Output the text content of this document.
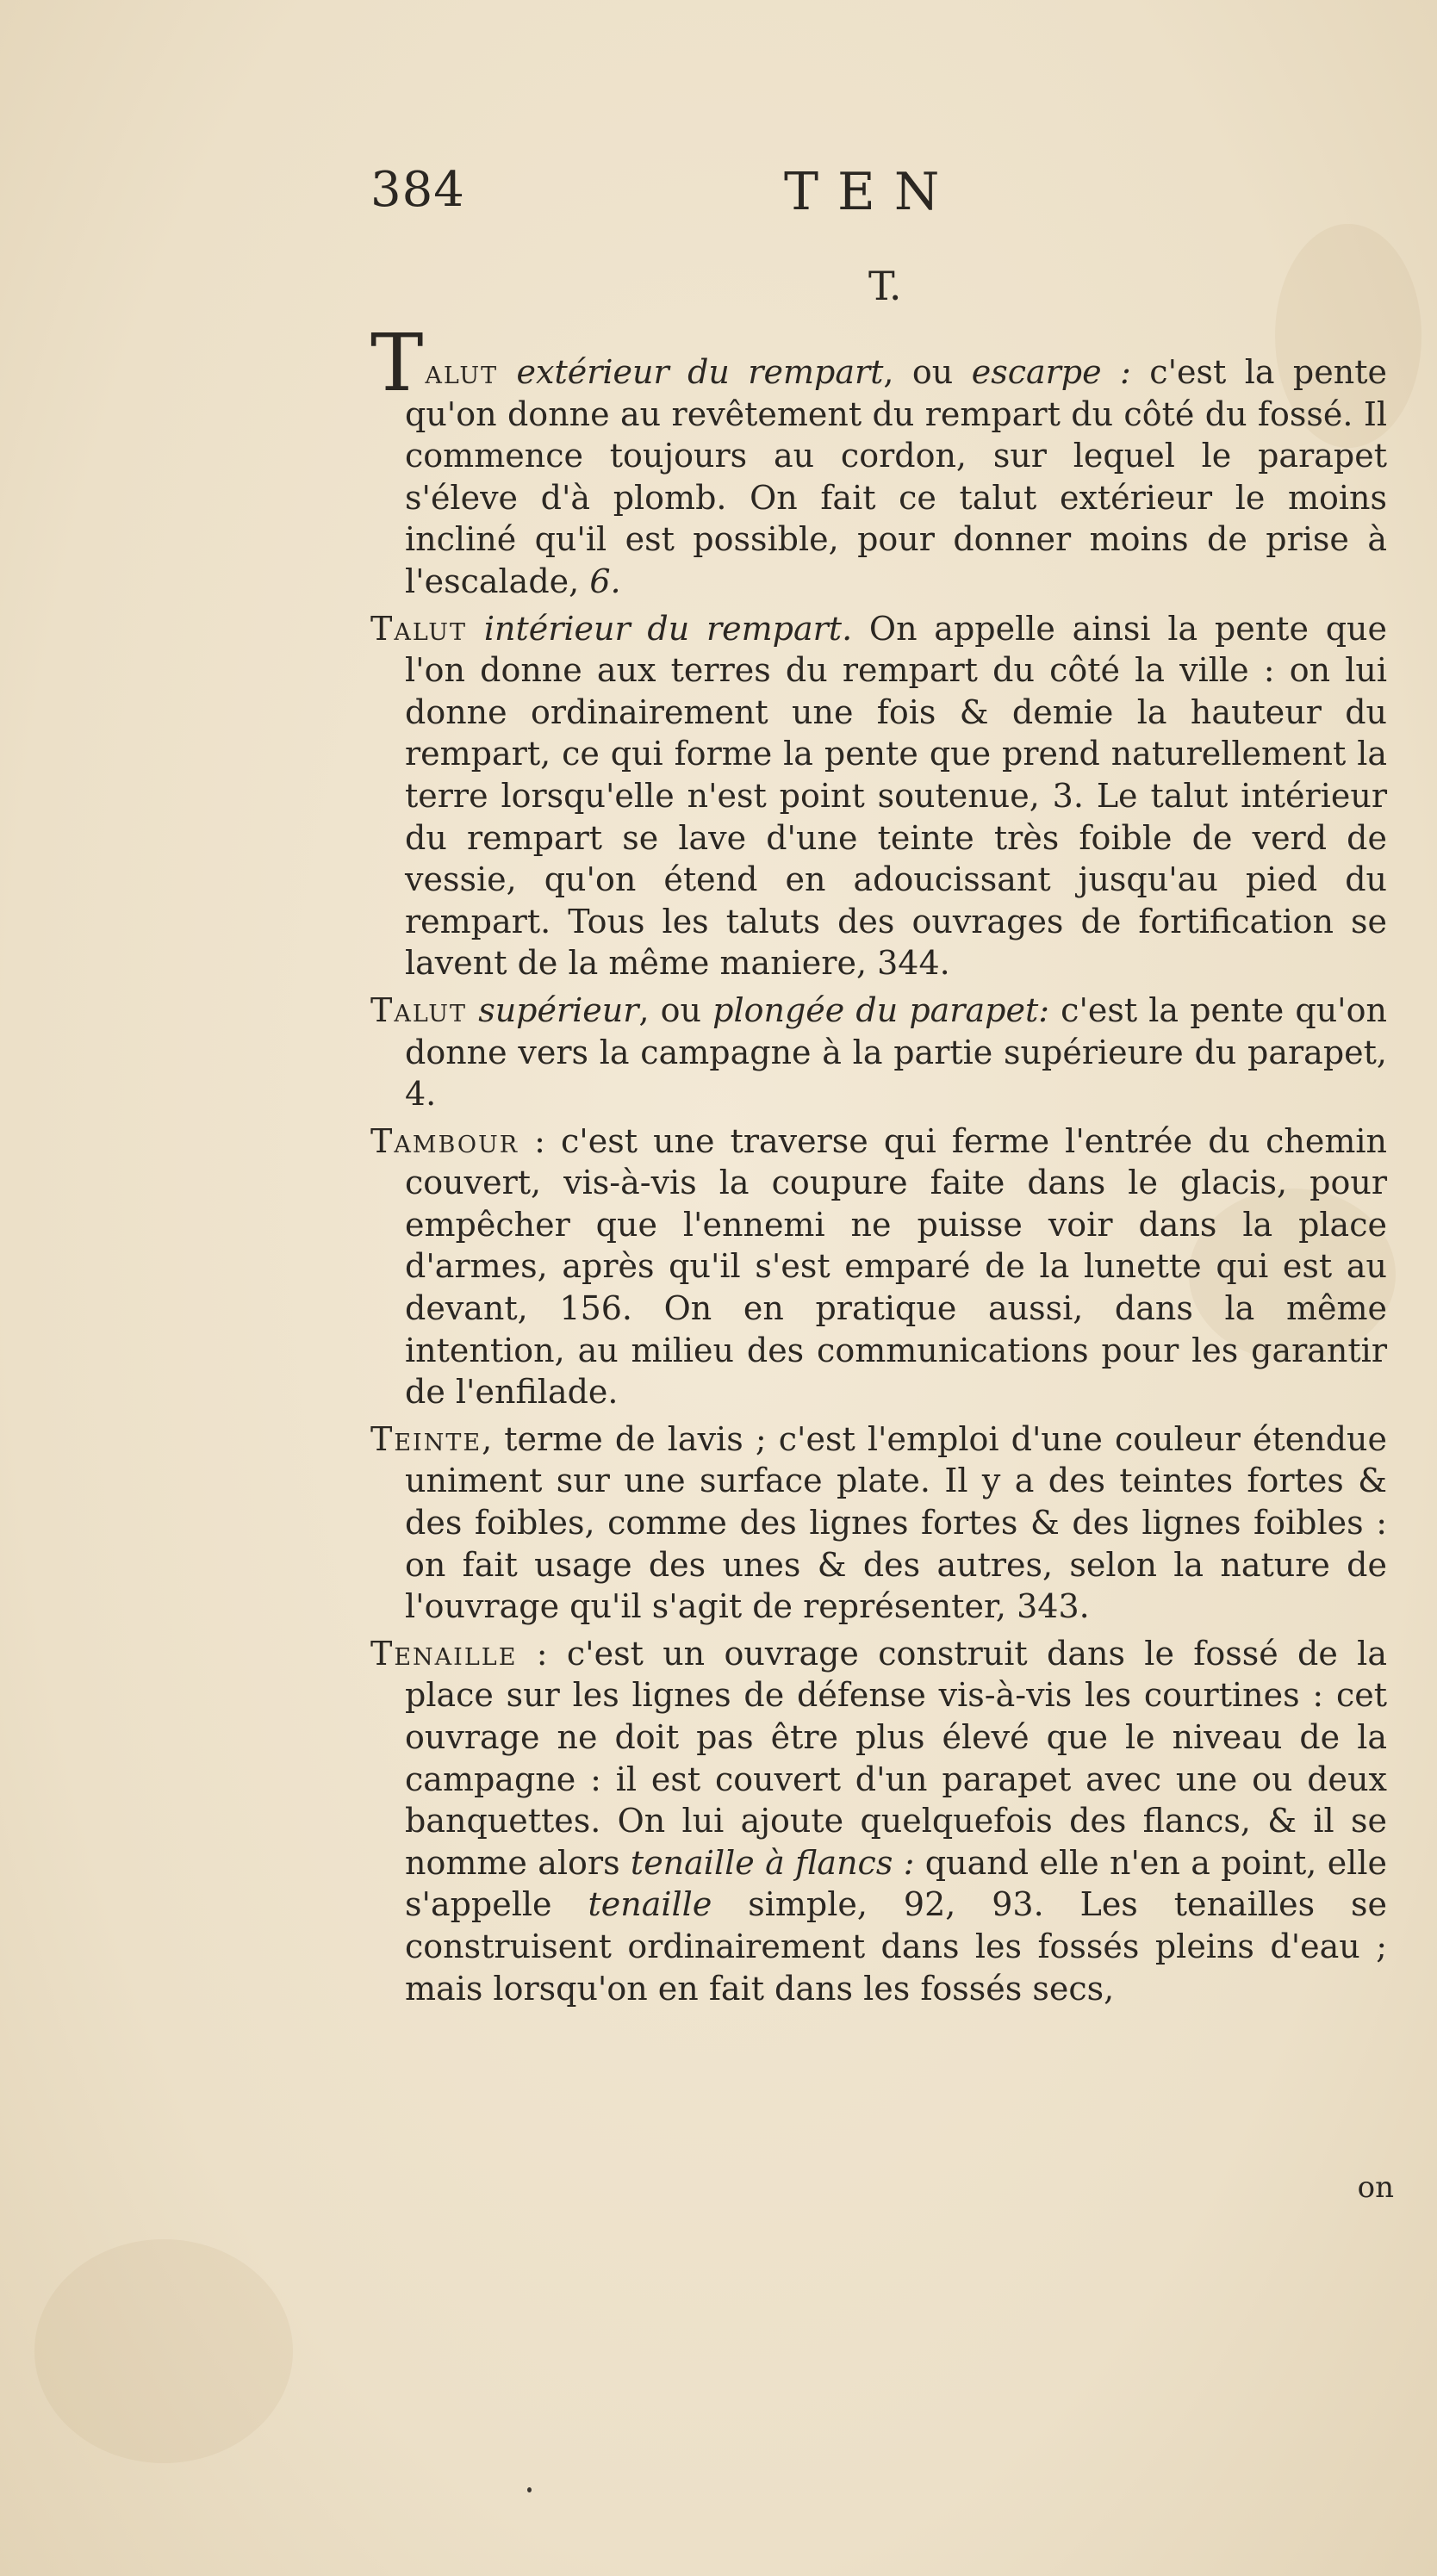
384	TEN
T.

Talut extérieur du rempart, ou escarpe : c'est la pente qu'on donne au revêtement du rempart du côté du fossé. Il commence toujours au cordon, sur lequel le parapet s'éleve d'à plomb. On fait ce talut extérieur le moins incliné qu'il est possible, pour donner moins de prise à l'escalade, 6.

Talut intérieur du rempart. On appelle ainsi la pente que l'on donne aux terres du rempart du côté la ville : on lui donne ordinairement une fois & demie la hauteur du rempart, ce qui forme la pente que prend naturellement la terre lorsqu'elle n'est point soutenue, 3. Le talut intérieur du rempart se lave d'une teinte très foible de verd de vessie, qu'on étend en adoucissant jusqu'au pied du rempart. Tous les taluts des ouvrages de fortification se lavent de la même maniere, 344.

Talut supérieur, ou plongée du parapet: c'est la pente qu'on donne vers la campagne à la partie supérieure du parapet, 4.

Tambour : c'est une traverse qui ferme l'entrée du chemin couvert, vis-à-vis la coupure faite dans le glacis, pour empêcher que l'ennemi ne puisse voir dans la place d'armes, après qu'il s'est emparé de la lunette qui est au devant, 156. On en pratique aussi, dans la même intention, au milieu des communications pour les garantir de l'enfilade.

Teinte, terme de lavis ; c'est l'emploi d'une couleur étendue uniment sur une surface plate. Il y a des teintes fortes & des foibles, comme des lignes fortes & des lignes foibles : on fait usage des unes & des autres, selon la nature de l'ouvrage qu'il s'agit de représenter, 343.

Tenaille : c'est un ouvrage construit dans le fossé de la place sur les lignes de défense vis-à-vis les courtines : cet ouvrage ne doit pas être plus élevé que le niveau de la campagne : il est couvert d'un parapet avec une ou deux banquettes. On lui ajoute quelquefois des flancs, & il se nomme alors tenaille à flancs : quand elle n'en a point, elle s'appelle tenaille simple, 92, 93. Les tenailles se construisent ordinairement dans les fossés pleins d'eau ; mais lorsqu'on en fait dans les fossés secs,

on
